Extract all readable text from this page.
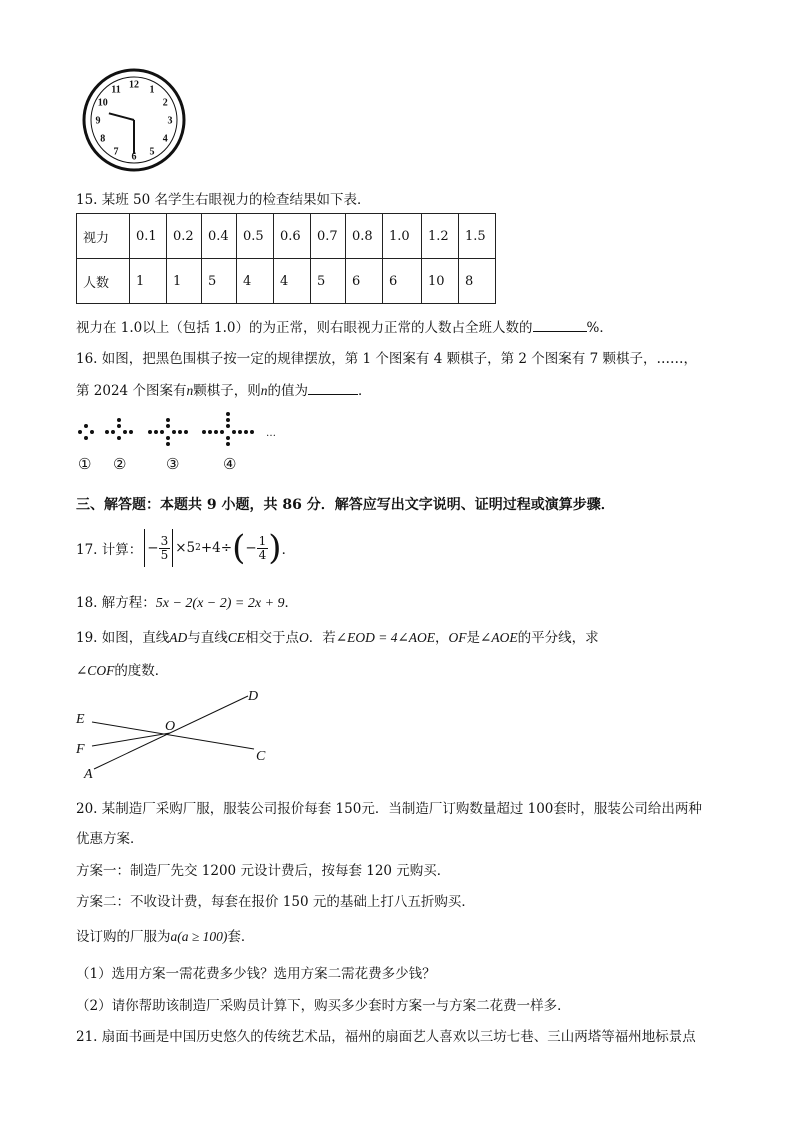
12 1
2
3
4
5
6
7
8
9
10
11
15. 某班 50 名学生右眼视力的检查结果如下表．
视力	0.1	0.2	0.4	0.5	0.6	0.7	0.8	1.0	1.2	1.5
人数	1	1	5	4	4	5	6	6	10	8
视力在 1.0以上（包括 1.0）的为正常，则右眼视力正常的人数占全班人数的	%．
16. 如图，把黑色围棋子按一定的规律摆放，第 1 个图案有 4 颗棋子，第 2 个图案有 7 颗棋子，……，
第 2024 个图案有n颗棋子，则n的值为	．
…
① ②	③	④
三、解答题：本题共 9 小题，共 86 分．解答应写出文字说明、证明过程或演算步骤．
17. 计算： − $\frac{3}{5} \times 5$ 2 +4÷ ( − $\frac{1}{4}$ ) ．
18. 解方程：5x − 2(x − 2) = 2x + 9．
19. 如图，直线AD与直线CE相交于点O．若∠EOD = 4∠AOE，OF是∠AOE的平分线，求
∠COF的度数．
D
E	O
F	C
A
20. 某制造厂采购厂服，服装公司报价每套 150元．当制造厂订购数量超过 100套时，服装公司给出两种
优惠方案．
方案一：制造厂先交 1200 元设计费后，按每套 120 元购买．
方案二：不收设计费，每套在报价 150 元的基础上打八五折购买．
设订购的厂服为a(a ≥ 100)套．
（1）选用方案一需花费多少钱？选用方案二需花费多少钱？
（2）请你帮助该制造厂采购员计算下，购买多少套时方案一与方案二花费一样多．
21. 扇面书画是中国历史悠久的传统艺术品，福州的扇面艺人喜欢以三坊七巷、三山两塔等福州地标景点
